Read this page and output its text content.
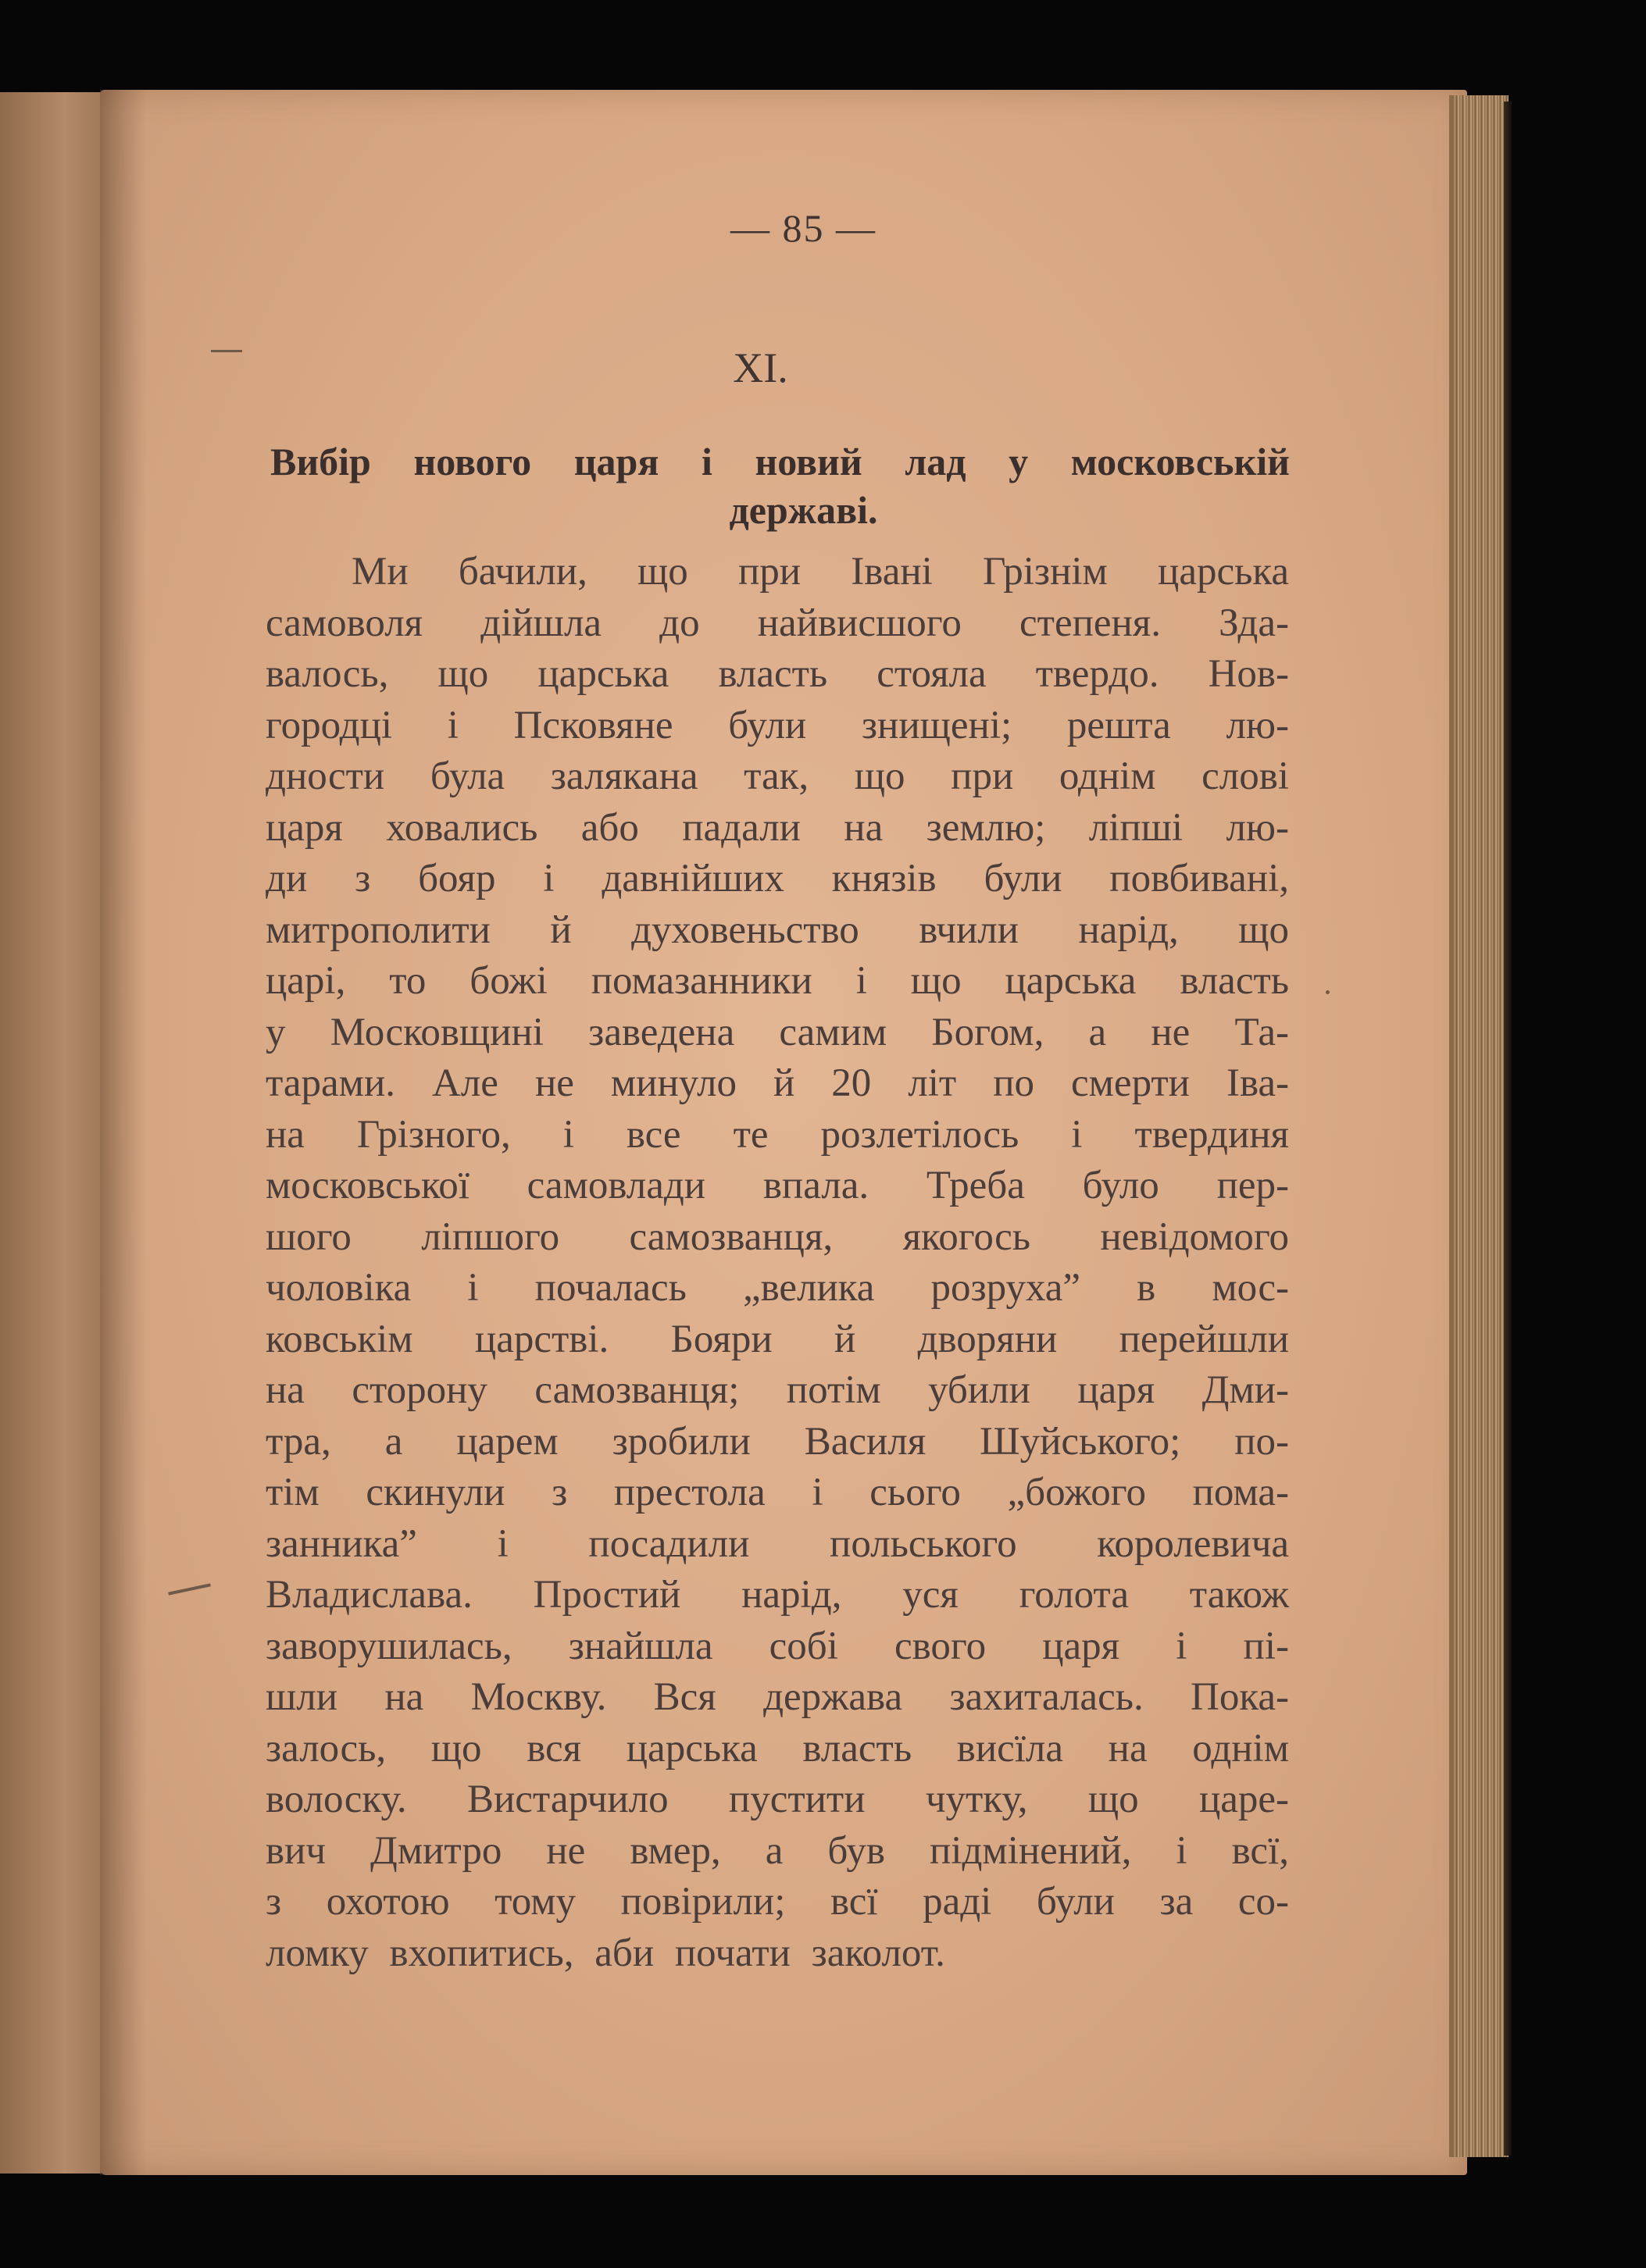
— 85 —
XI.
Вибір нового царя і новий лад у московській
державі.
Ми бачили, що при Івані Грізнім царська
самоволя дійшла до найвисшого степеня. Зда-
валось, що царська власть стояла твердо. Нов-
городці і Псковяне були знищені; решта лю-
дности була залякана так, що при однім слові
царя ховались або падали на землю; ліпші лю-
ди з бояр і давнійших князів були повбивані,
митрополити й духовеньство вчили нарід, що
царі, то божі помазанники і що царська власть
у Московщині заведена самим Богом, а не Та-
тарами. Але не минуло й 20 літ по смерти Іва-
на Грізного, і все те розлетілось і твердиня
московської самовлади впала. Треба було пер-
шого ліпшого самозванця, якогось невідомого
чоловіка і почалась „велика розруха” в мос-
ковськім царстві. Бояри й дворяни перейшли
на сторону самозванця; потім убили царя Дми-
тра, а царем зробили Василя Шуйського; по-
тім скинули з престола і сього „божого пома-
занника” і посадили польського королевича
Владислава. Простий нарід, уся голота також
заворушилась, знайшла собі свого царя і пі-
шли на Москву. Вся держава захиталась. Пока-
залось, що вся царська власть висїла на однім
волоску. Вистарчило пустити чутку, що царе-
вич Дмитро не вмер, а був підмінений, і всї,
з охотою тому повірили; всї раді були за со-
ломку вхопитись, аби почати заколот.
